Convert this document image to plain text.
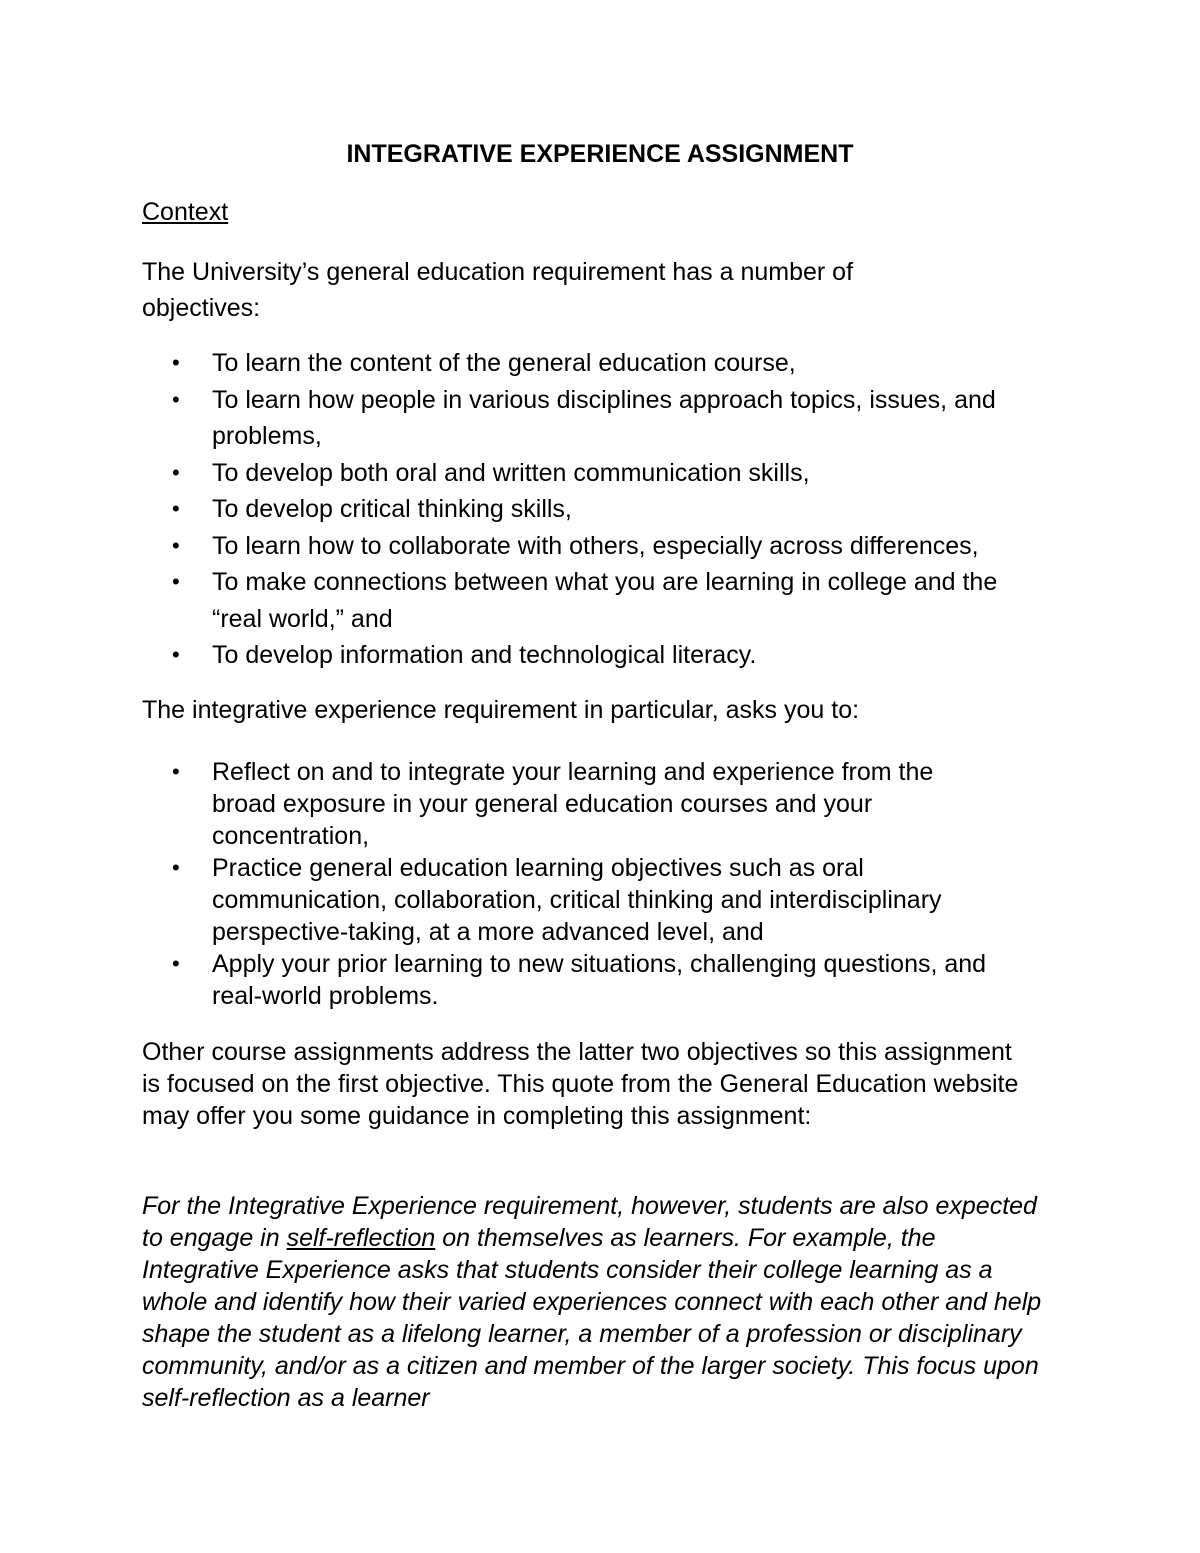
INTEGRATIVE EXPERIENCE ASSIGNMENT
Context
The University’s general education requirement has a number of objectives:
• To learn the content of the general education course,
• To learn how people in various disciplines approach topics, issues, and problems,
• To develop both oral and written communication skills,
• To develop critical thinking skills,
• To learn how to collaborate with others, especially across differences,
• To make connections between what you are learning in college and the “real world,” and
• To develop information and technological literacy.
The integrative experience requirement in particular, asks you to:
• Reflect on and to integrate your learning and experience from the broad exposure in your general education courses and your concentration,
• Practice general education learning objectives such as oral communication, collaboration, critical thinking and interdisciplinary perspective-taking, at a more advanced level, and
• Apply your prior learning to new situations, challenging questions, and real-world problems.
Other course assignments address the latter two objectives so this assignment is focused on the first objective. This quote from the General Education website may offer you some guidance in completing this assignment:
For the Integrative Experience requirement, however, students are also expected to engage in self-reflection on themselves as learners. For example, the Integrative Experience asks that students consider their college learning as a whole and identify how their varied experiences connect with each other and help shape the student as a lifelong learner, a member of a profession or disciplinary community, and/or as a citizen and member of the larger society. This focus upon self-reflection as a learner
